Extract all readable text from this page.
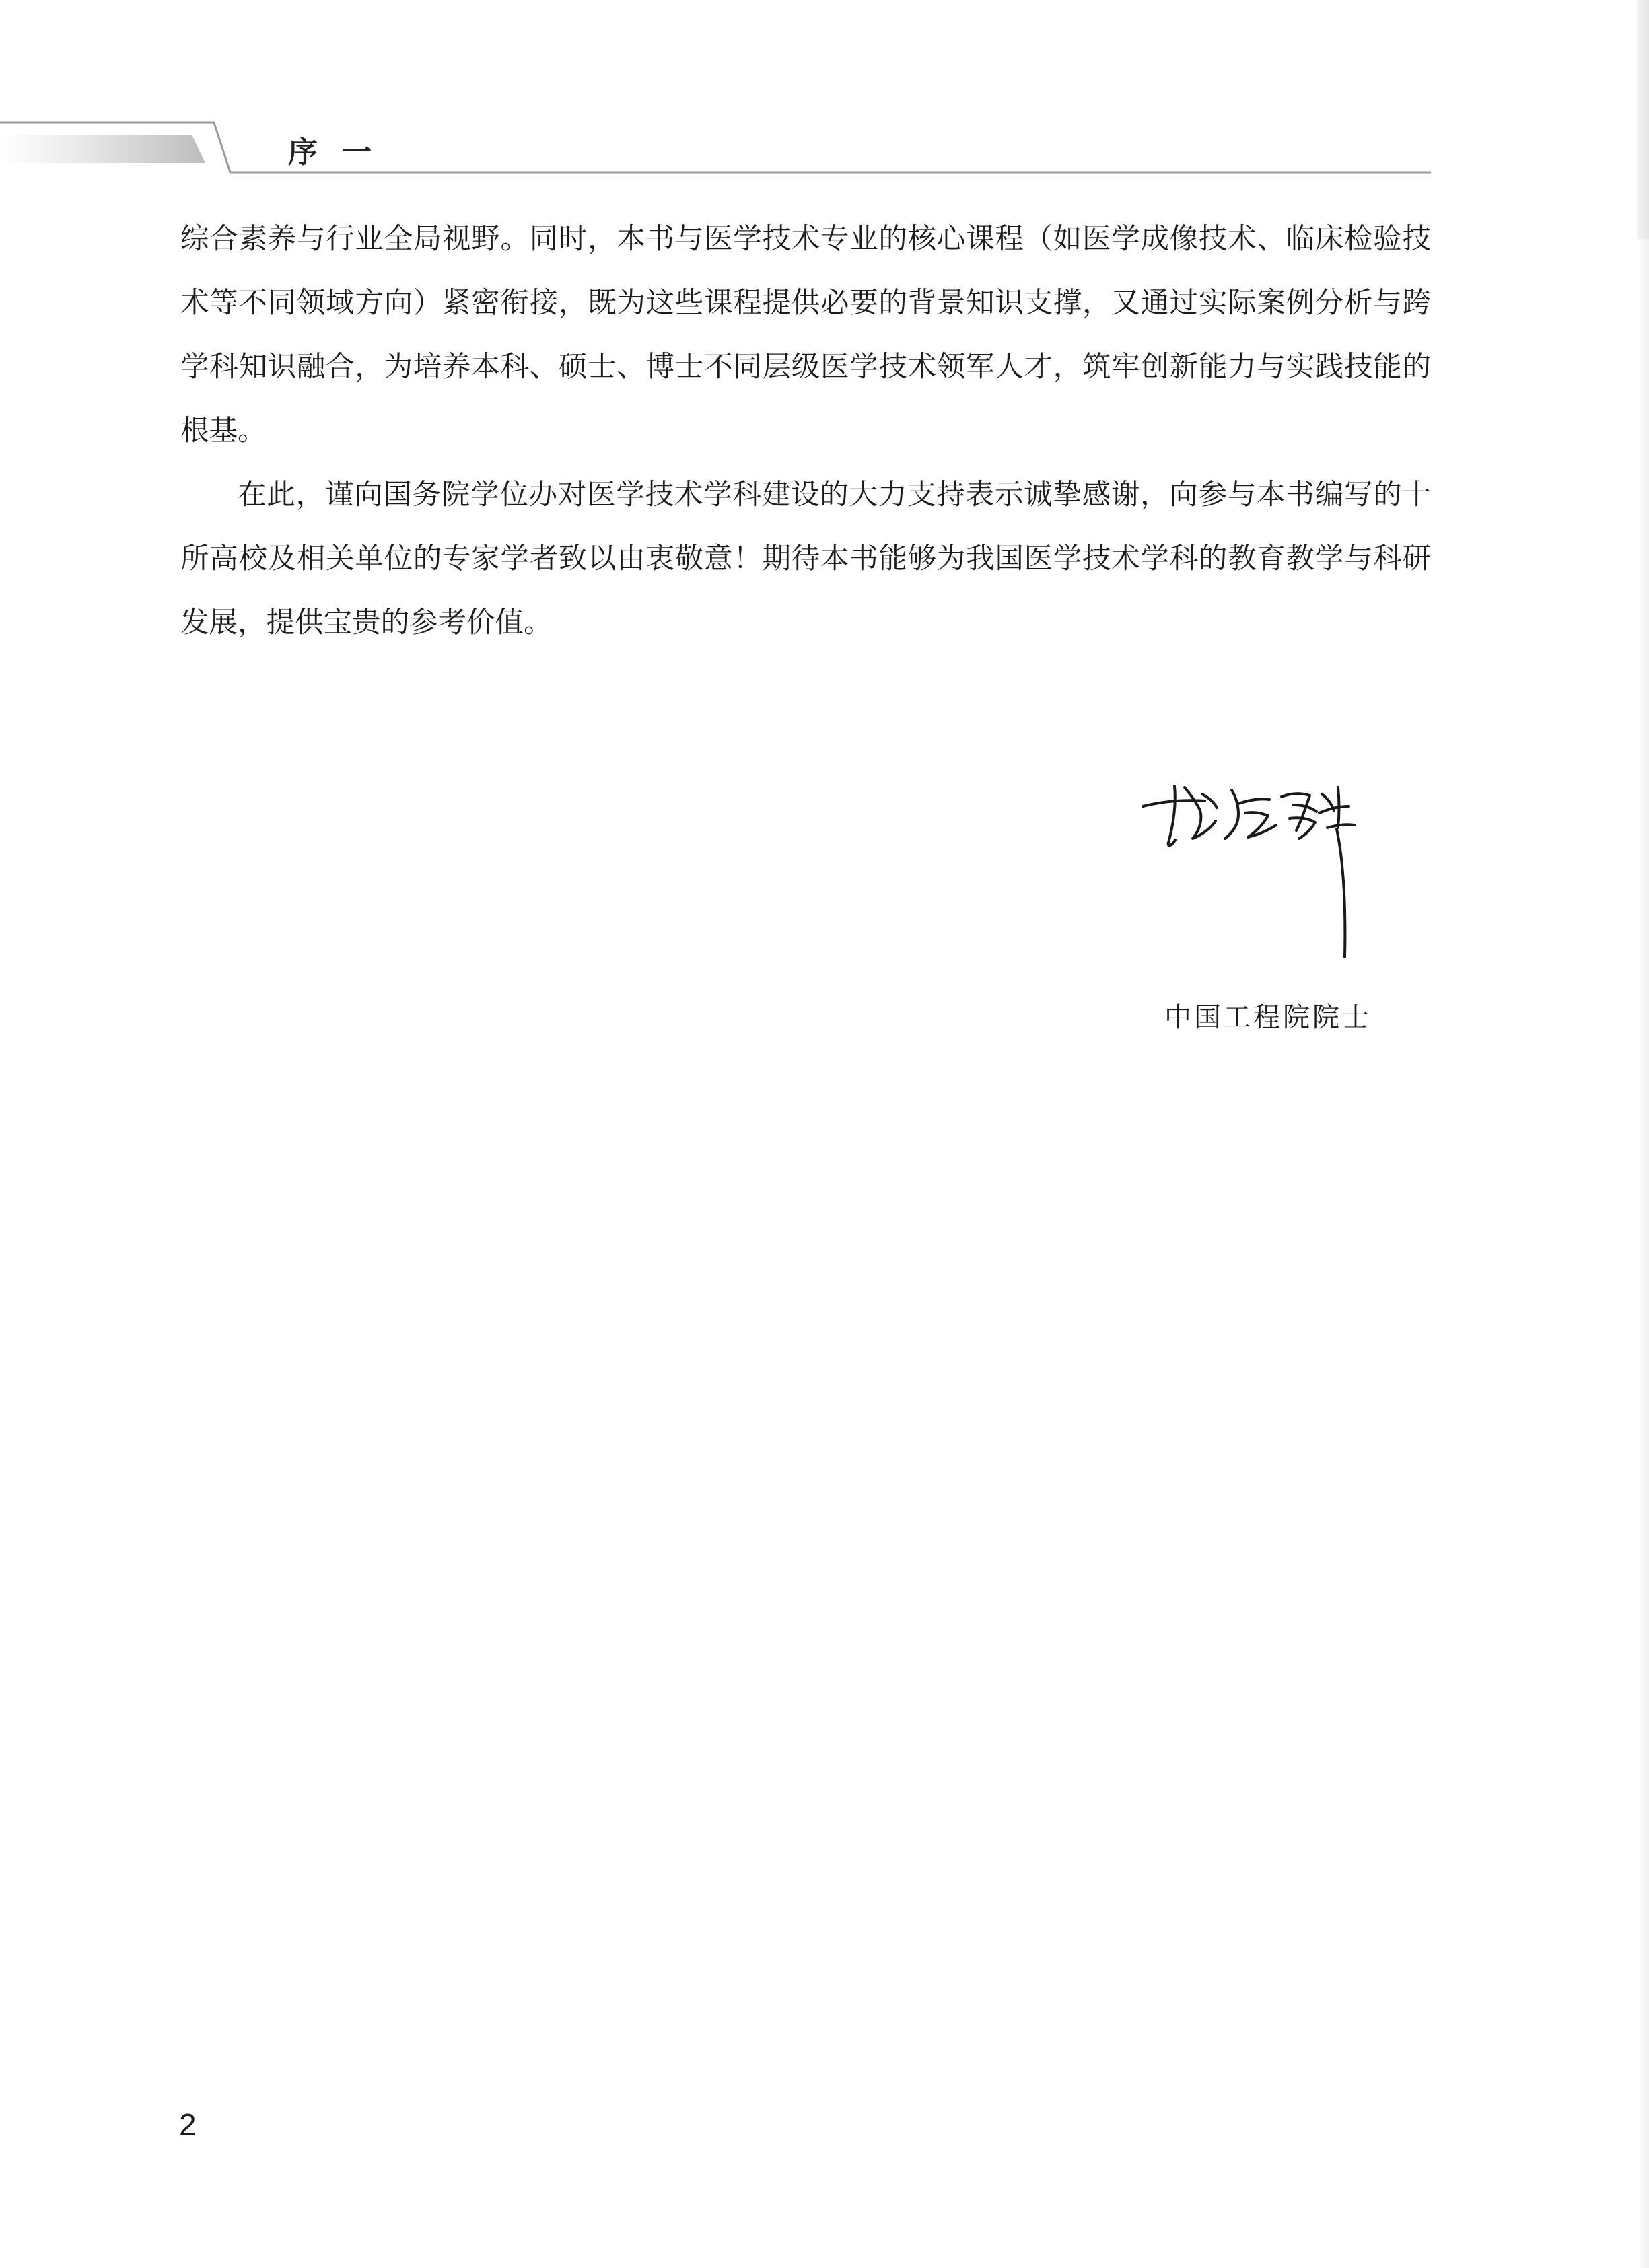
序一

综合素养与行业全局视野。同时，本书与医学技术专业的核心课程（如医学成像技术、临床检验技术等不同领域方向）紧密衔接，既为这些课程提供必要的背景知识支撑，又通过实际案例分析与跨学科知识融合，为培养本科、硕士、博士不同层级医学技术领军人才，筑牢创新能力与实践技能的根基。

在此，谨向国务院学位办对医学技术学科建设的大力支持表示诚挚感谢，向参与本书编写的十所高校及相关单位的专家学者致以由衷敬意！期待本书能够为我国医学技术学科的教育教学与科研发展，提供宝贵的参考价值。

中国工程院院士
2
